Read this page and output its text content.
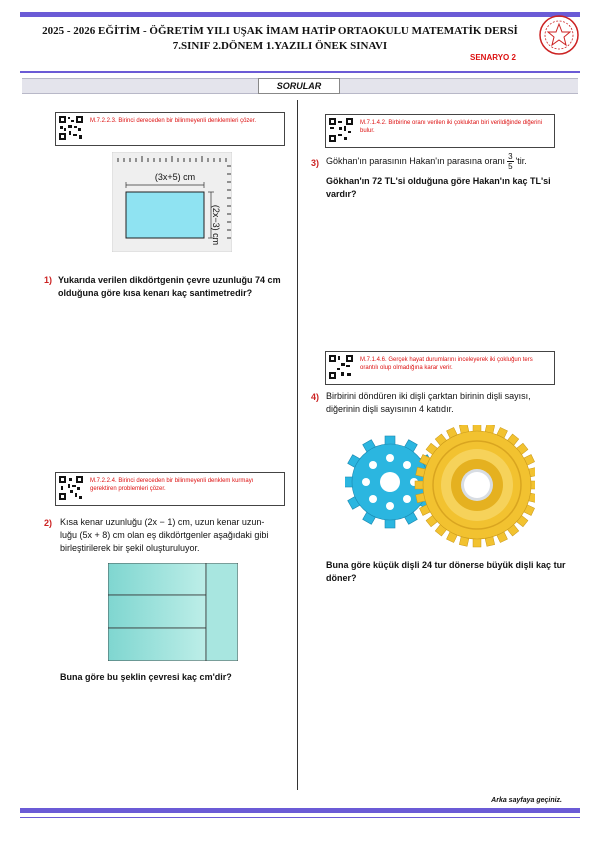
2025 - 2026 EĞİTİM - ÖĞRETİM YILI UŞAK İMAM HATİP ORTAOKULU MATEMATİK DERSİ
7.SINIF 2.DÖNEM 1.YAZILI ÖNEK SINAVI
SENARYO 2
SORULAR
M.7.2.2.3. Birinci dereceden bir bilinmeyenli denklemleri çözer.
(3x+5) cm
(2x−3) cm
1) Yukarıda verilen dikdörtgenin çevre uzunluğu 74 cm olduğuna göre kısa kenarı kaç santimetredir?
M.7.2.2.4. Birinci dereceden bir bilinmeyenli denklem kurmayı gerektiren problemleri çözer.
2) Kısa kenar uzunluğu (2x − 1) cm, uzun kenar uzun-
luğu (5x + 8) cm olan eş dikdörtgenler aşağıdaki gibi
birleştirilerek bir şekil oluşturuluyor.
Buna göre bu şeklin çevresi kaç cm'dir?
M.7.1.4.2. Birbirine oranı verilen iki çokluktan biri verildiğinde diğerini bulur.
3) Gökhan'ın parasının Hakan'ın parasına oranı $\frac{3}{5}$ 'tir.
Gökhan'ın 72 TL'si olduğuna göre Hakan'ın kaç TL'si vardır?
M.7.1.4.6. Gerçek hayat durumlarını inceleyerek iki çokluğun ters orantılı olup olmadığına karar verir.
4) Birbirini döndüren iki dişli çarktan birinin dişli sayısı,
diğerinin dişli sayısının 4 katıdır.
Buna göre küçük dişli 24 tur dönerse büyük dişli kaç tur döner?
Arka sayfaya geçiniz.
